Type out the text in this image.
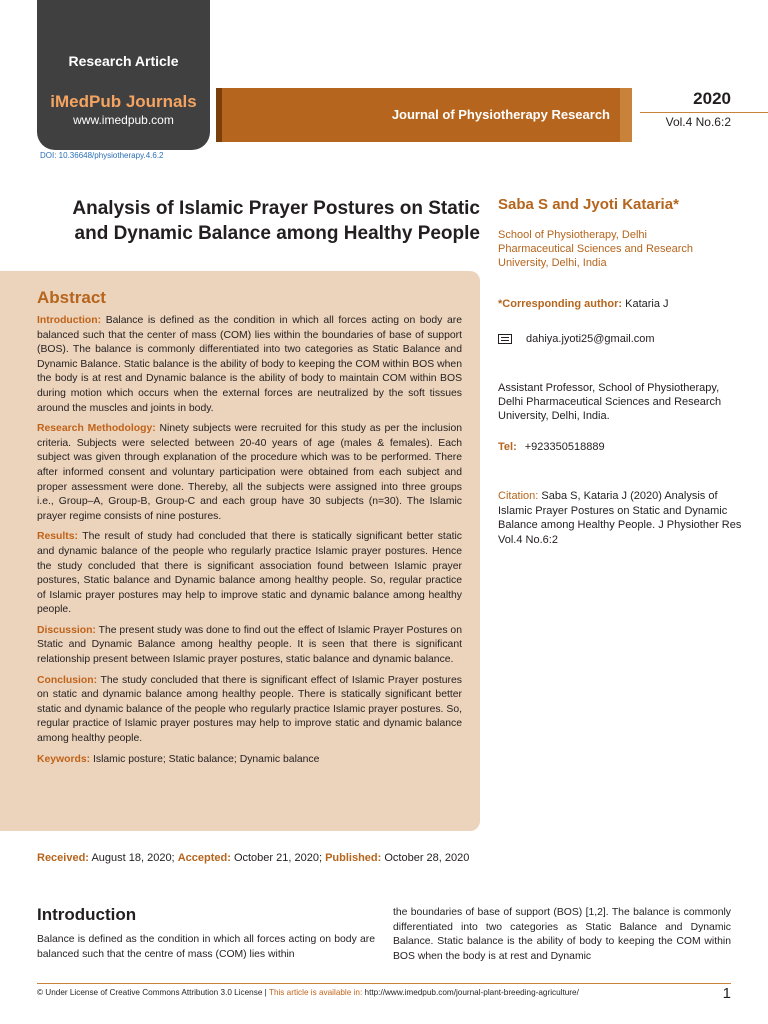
Research Article
iMedPub Journals
www.imedpub.com	Journal of Physiotherapy Research
2020
Vol.4 No.6:2
DOI: 10.36648/physiotherapy.4.6.2
Analysis of Islamic Prayer Postures on Static and Dynamic Balance among Healthy People
Saba S and Jyoti Kataria*
School of Physiotherapy, Delhi Pharmaceutical Sciences and Research University, Delhi, India
*Corresponding author: Kataria J
dahiya.jyoti25@gmail.com
Assistant Professor, School of Physiotherapy, Delhi Pharmaceutical Sciences and Research University, Delhi, India.
Tel: +923350518889
Citation: Saba S, Kataria J (2020) Analysis of Islamic Prayer Postures on Static and Dynamic Balance among Healthy People. J Physiother Res Vol.4 No.6:2
Abstract

Introduction: Balance is defined as the condition in which all forces acting on body are balanced such that the center of mass (COM) lies within the boundaries of base of support (BOS). The balance is commonly differentiated into two categories as Static Balance and Dynamic Balance. Static balance is the ability of body to keeping the COM within BOS when the body is at rest and Dynamic balance is the ability of body to maintain COM within BOS during motion which occurs when the external forces are neutralized by the soft tissues around the muscles and joints in body.

Research Methodology: Ninety subjects were recruited for this study as per the inclusion criteria. Subjects were selected between 20-40 years of age (males & females). Each subject was given through explanation of the procedure which was to be performed. There after informed consent and voluntary participation were obtained from each subject and proper assessment were done. Thereby, all the subjects were assigned into three groups i.e., Group–A, Group-B, Group-C and each group have 30 subjects (n=30). The Islamic prayer regime consists of nine postures.

Results: The result of study had concluded that there is statically significant better static and dynamic balance of the people who regularly practice Islamic prayer postures. Hence the study concluded that there is significant association found between Islamic prayer postures, Static balance and Dynamic balance among healthy people. So, regular practice of Islamic prayer postures may help to improve static and dynamic balance among healthy people.

Discussion: The present study was done to find out the effect of Islamic Prayer Postures on Static and Dynamic Balance among healthy people. It is seen that there is significant relationship present between Islamic prayer postures, static balance and dynamic balance.

Conclusion: The study concluded that there is significant effect of Islamic Prayer postures on static and dynamic balance among healthy people. There is statically significant better static and dynamic balance of the people who regularly practice Islamic prayer postures. So, regular practice of Islamic prayer postures may help to improve static and dynamic balance among healthy people.

Keywords: Islamic posture; Static balance; Dynamic balance

Received: August 18, 2020; Accepted: October 21, 2020; Published: October 28, 2020
Introduction
Balance is defined as the condition in which all forces acting on body are balanced such that the centre of mass (COM) lies within
the boundaries of base of support (BOS) [1,2]. The balance is commonly differentiated into two categories as Static Balance and Dynamic Balance. Static balance is the ability of body to keeping the COM within BOS when the body is at rest and Dynamic
© Under License of Creative Commons Attribution 3.0 License | This article is available in: http://www.imedpub.com/journal-plant-breeding-agriculture/	1
